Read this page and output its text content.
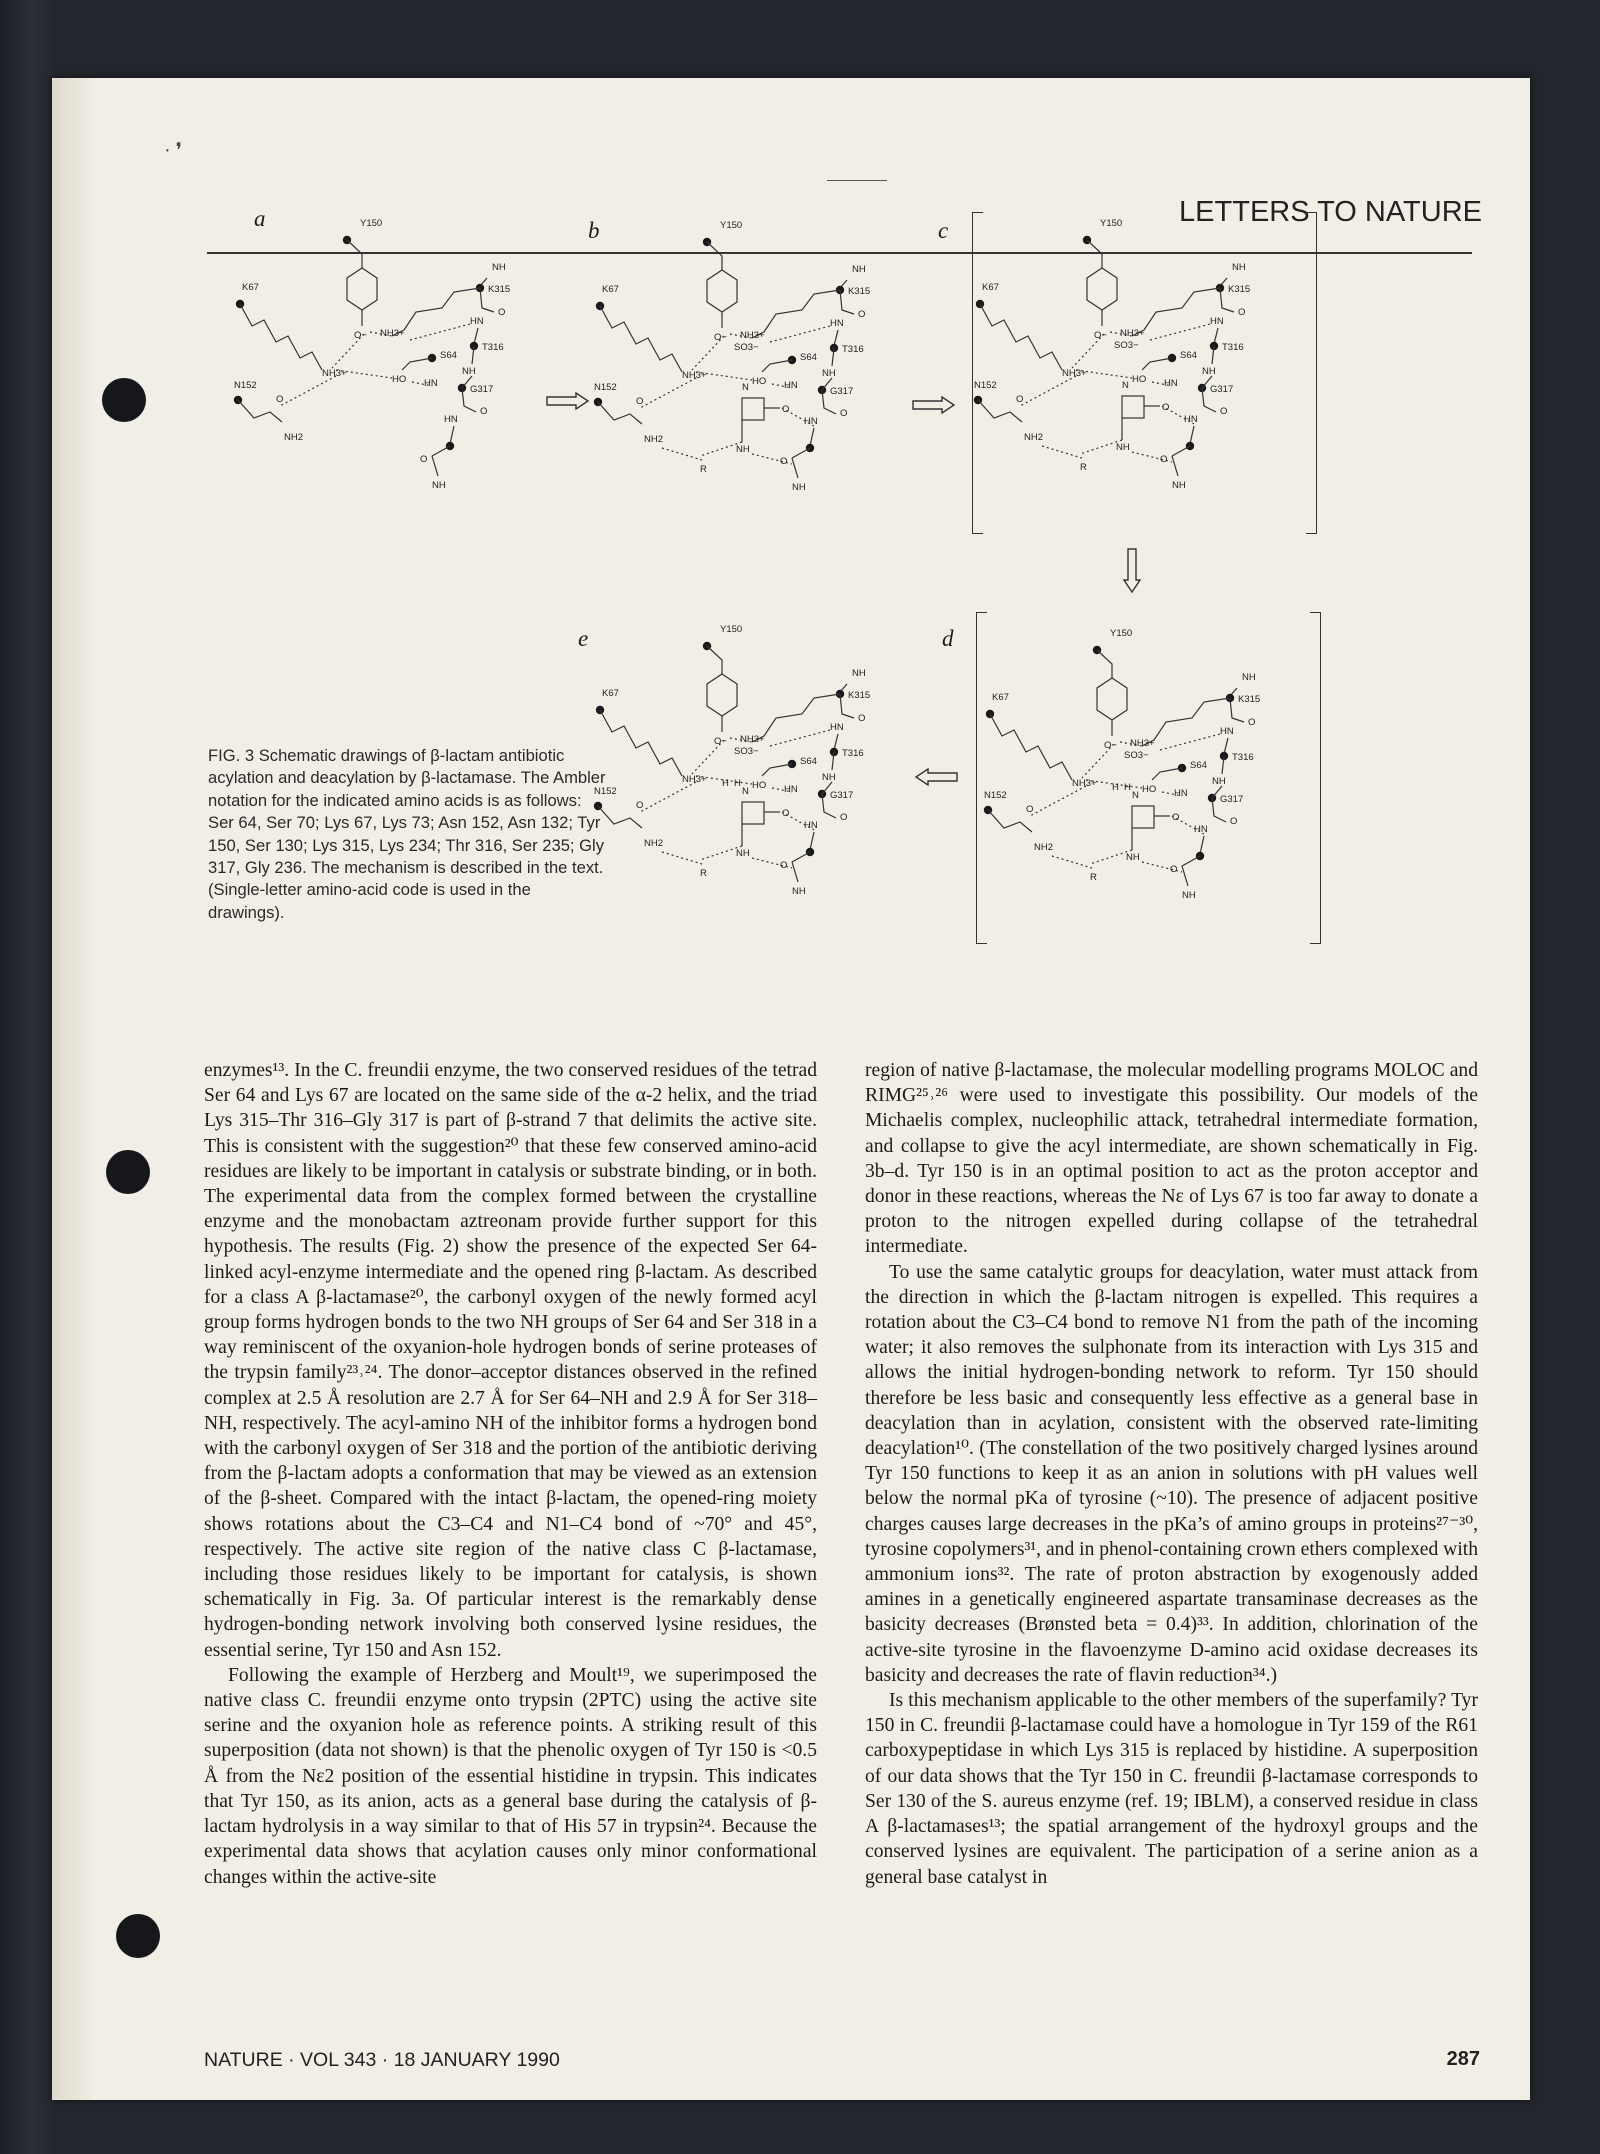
LETTERS TO NATURE
· ❜
a	b	c
d
e
Y150
O−
K67
NH3+
NH
K315
NH3+
O
HN
T316
NH
S64
HO HN
G317
O
HN
O
NH
N152
O
NH2
Y150
O−
K67
NH3+
NH
K315
NH3+
O
HN
T316
NH
S64
HO HN
G317
O
HN
O
NH
N152
O
NH2
SO3−
N
O
NH
R
Y150
O−
K67
NH3+
NH
K315
NH3+
O
HN
T316
NH
S64
HO HN
G317
O
HN
O
NH
N152
O
NH2
SO3−
N
O
NH
R
Y150
O−
K67
NH3+
NH
K315
NH3+
O
HN
T316
NH
S64
HO HN
G317
O
HN
O
NH
N152
O
NH2
SO3−
N
O
NH
R
H H
Y150
O−
K67
NH3+
NH
K315
NH3+
O
HN
T316
NH
S64
HO HN
G317
O
HN
O
NH
N152
O
NH2
SO3−
N
O
NH
R
H H
FIG. 3 Schematic drawings of β-lactam antibiotic acylation and deacylation by β-lactamase. The Ambler notation for the indicated amino acids is as follows: Ser 64, Ser 70; Lys 67, Lys 73; Asn 152, Asn 132; Tyr 150, Ser 130; Lys 315, Lys 234; Thr 316, Ser 235; Gly 317, Gly 236. The mechanism is described in the text. (Single-letter amino-acid code is used in the drawings).

enzymes¹³. In the C. freundii enzyme, the two conserved residues of the tetrad Ser 64 and Lys 67 are located on the same side of the α-2 helix, and the triad Lys 315–Thr 316–Gly 317 is part of β-strand 7 that delimits the active site. This is consistent with the suggestion²⁰ that these few conserved amino-acid residues are likely to be important in catalysis or substrate binding, or in both. The experimental data from the complex formed between the crystalline enzyme and the monobactam aztreonam provide further support for this hypothesis. The results (Fig. 2) show the presence of the expected Ser 64-linked acyl-enzyme intermediate and the opened ring β-lactam. As described for a class A β-lactamase²⁰, the carbonyl oxygen of the newly formed acyl group forms hydrogen bonds to the two NH groups of Ser 64 and Ser 318 in a way reminiscent of the oxyanion-hole hydrogen bonds of serine proteases of the trypsin family²³˒²⁴. The donor–acceptor distances observed in the refined complex at 2.5 Å resolution are 2.7 Å for Ser 64–NH and 2.9 Å for Ser 318–NH, respectively. The acyl-amino NH of the inhibitor forms a hydrogen bond with the carbonyl oxygen of Ser 318 and the portion of the antibiotic deriving from the β-lactam adopts a conformation that may be viewed as an extension of the β-sheet. Compared with the intact β-lactam, the opened-ring moiety shows rotations about the C3–C4 and N1–C4 bond of ~70° and 45°, respectively. The active site region of the native class C β-lactamase, including those residues likely to be important for catalysis, is shown schematically in Fig. 3a. Of particular interest is the remarkably dense hydrogen-bonding network involving both conserved lysine residues, the essential serine, Tyr 150 and Asn 152.

Following the example of Herzberg and Moult¹⁹, we superimposed the native class C. freundii enzyme onto trypsin (2PTC) using the active site serine and the oxyanion hole as reference points. A striking result of this superposition (data not shown) is that the phenolic oxygen of Tyr 150 is <0.5 Å from the Nε2 position of the essential histidine in trypsin. This indicates that Tyr 150, as its anion, acts as a general base during the catalysis of β-lactam hydrolysis in a way similar to that of His 57 in trypsin²⁴. Because the experimental data shows that acylation causes only minor conformational changes within the active-site

region of native β-lactamase, the molecular modelling programs MOLOC and RIMG²⁵˒²⁶ were used to investigate this possibility. Our models of the Michaelis complex, nucleophilic attack, tetrahedral intermediate formation, and collapse to give the acyl intermediate, are shown schematically in Fig. 3b–d. Tyr 150 is in an optimal position to act as the proton acceptor and donor in these reactions, whereas the Nε of Lys 67 is too far away to donate a proton to the nitrogen expelled during collapse of the tetrahedral intermediate.

To use the same catalytic groups for deacylation, water must attack from the direction in which the β-lactam nitrogen is expelled. This requires a rotation about the C3–C4 bond to remove N1 from the path of the incoming water; it also removes the sulphonate from its interaction with Lys 315 and allows the initial hydrogen-bonding network to reform. Tyr 150 should therefore be less basic and consequently less effective as a general base in deacylation than in acylation, consistent with the observed rate-limiting deacylation¹⁰. (The constellation of the two positively charged lysines around Tyr 150 functions to keep it as an anion in solutions with pH values well below the normal pKa of tyrosine (~10). The presence of adjacent positive charges causes large decreases in the pKa’s of amino groups in proteins²⁷⁻³⁰, tyrosine copolymers³¹, and in phenol-containing crown ethers complexed with ammonium ions³². The rate of proton abstraction by exogenously added amines in a genetically engineered aspartate transaminase decreases as the basicity decreases (Brønsted beta = 0.4)³³. In addition, chlorination of the active-site tyrosine in the flavoenzyme D-amino acid oxidase decreases its basicity and decreases the rate of flavin reduction³⁴.)

Is this mechanism applicable to the other members of the superfamily? Tyr 150 in C. freundii β-lactamase could have a homologue in Tyr 159 of the R61 carboxypeptidase in which Lys 315 is replaced by histidine. A superposition of our data shows that the Tyr 150 in C. freundii β-lactamase corresponds to Ser 130 of the S. aureus enzyme (ref. 19; IBLM), a conserved residue in class A β-lactamases¹³; the spatial arrangement of the hydroxyl groups and the conserved lysines are equivalent. The participation of a serine anion as a general base catalyst in

NATURE · VOL 343 · 18 JANUARY 1990	287
